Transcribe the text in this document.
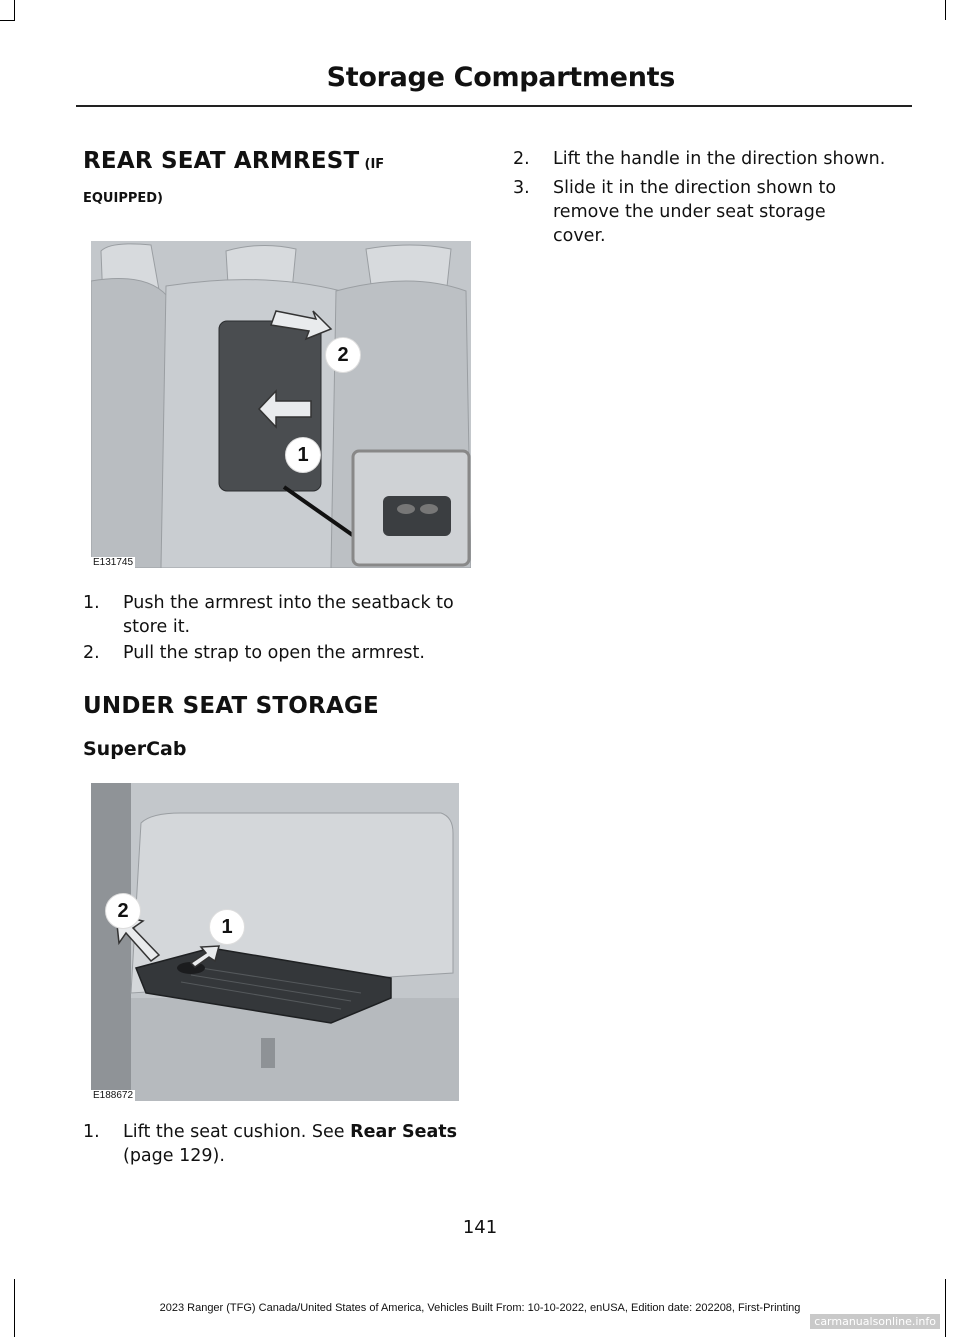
Storage Compartments
REAR SEAT ARMREST (IF
EQUIPPED)
2
1
E131745
1. Push the armrest into the seatback to store it.
2. Pull the strap to open the armrest.
UNDER SEAT STORAGE
SuperCab
2
1
E188672
1. Lift the seat cushion. See Rear Seats (page 129).
2. Lift the handle in the direction shown.
3. Slide it in the direction shown to remove the under seat storage cover.
141
2023 Ranger (TFG) Canada/United States of America, Vehicles Built From: 10-10-2022, enUSA, Edition date: 202208, First-Printing
carmanualsonline.info
